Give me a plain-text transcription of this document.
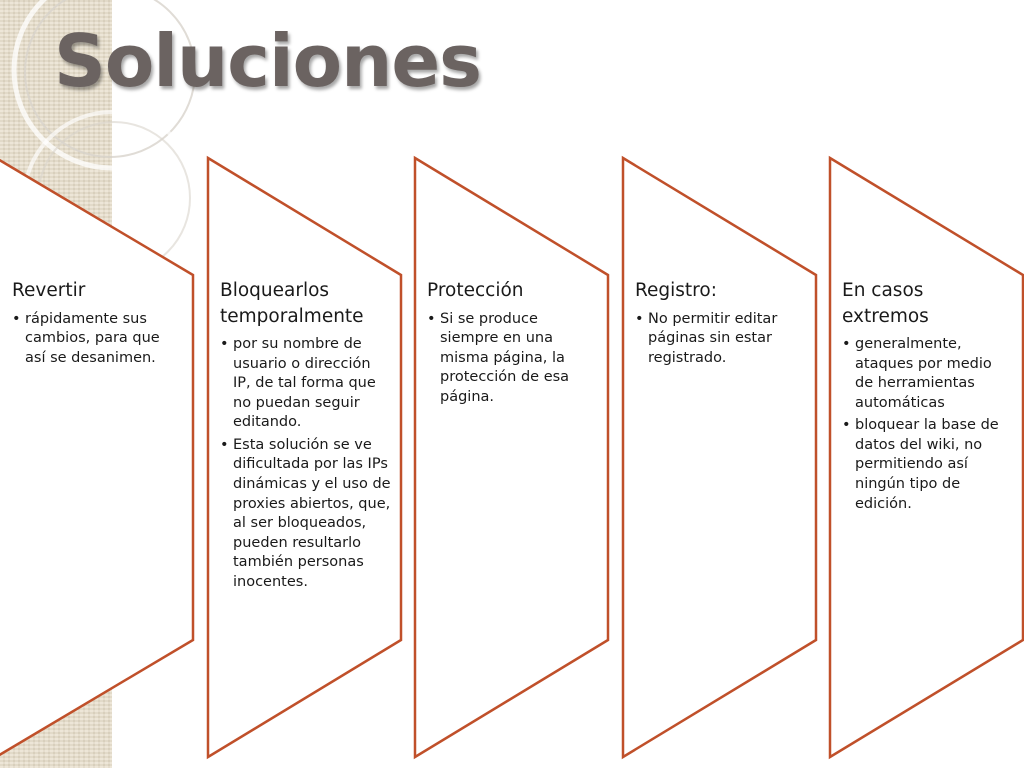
Soluciones
Revertir
• rápidamente sus cambios, para que así se desanimen.
Bloquearlos temporalmente
• por su nombre de usuario o dirección IP, de tal forma que no puedan seguir editando.
• Esta solución se ve dificultada por las IPs dinámicas y el uso de proxies abiertos, que, al ser bloqueados, pueden resultarlo también personas inocentes.
Protección
• Si se produce siempre en una misma página, la protección de esa página.
Registro:
• No permitir editar páginas sin estar registrado.
En casos extremos
• generalmente, ataques por medio de herramientas automáticas
• bloquear la base de datos del wiki, no permitiendo así ningún tipo de edición.
